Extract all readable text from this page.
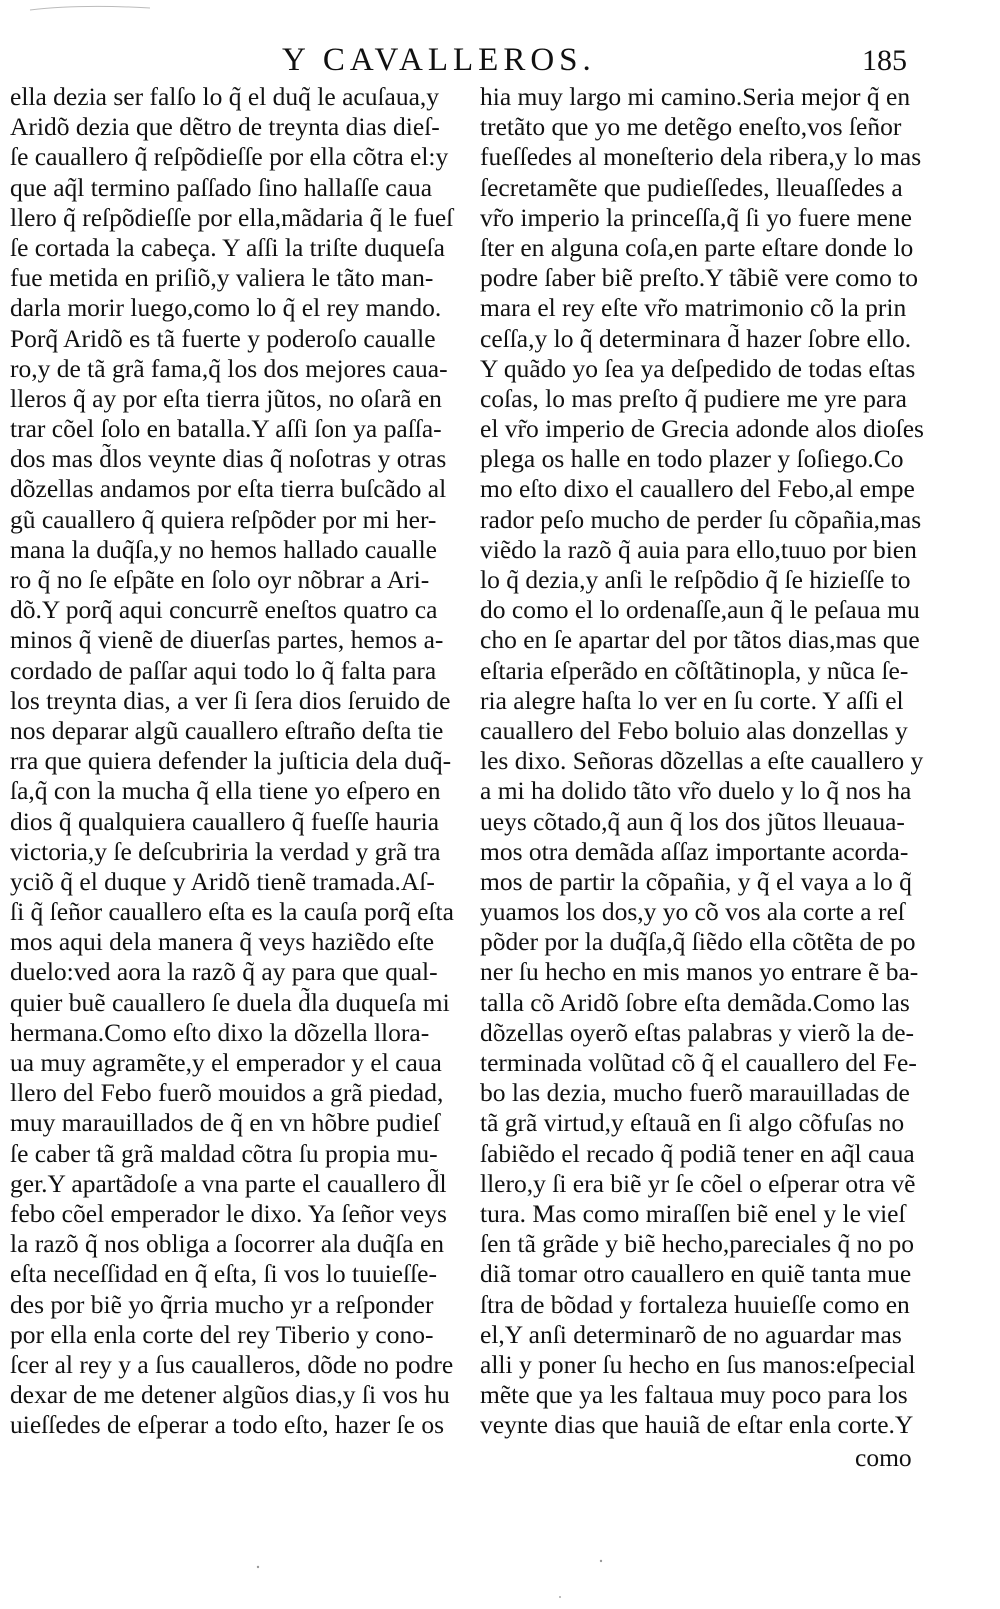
Y CAVALLEROS.	185
ella dezia ser falſo lo q̃ el duq̃ le acuſaua,y
Aridõ dezia que dẽtro de treynta dias dieſ-
ſe cauallero q̃ reſpõdieſſe por ella cõtra el:y
que aq̃l termino paſſado ſino hallaſſe caua
llero q̃ reſpõdieſſe por ella,mãdaria q̃ le fueſ
ſe cortada la cabeça. Y aſſi la triſte duqueſa
fue metida en priſiõ,y valiera le tãto man-
darla morir luego,como lo q̃ el rey mando.
Porq̃ Aridõ es tã fuerte y poderoſo caualle
ro,y de tã grã fama,q̃ los dos mejores caua-
lleros q̃ ay por eſta tierra jũtos, no oſarã en
trar cõel ſolo en batalla.Y aſſi ſon ya paſſa-
dos mas d̃los veynte dias q̃ noſotras y otras
dõzellas andamos por eſta tierra buſcãdo al
gũ cauallero q̃ quiera reſpõder por mi her-
mana la duq̃ſa,y no hemos hallado caualle
ro q̃ no ſe eſpãte en ſolo oyr nõbrar a Ari-
dõ.Y porq̃ aqui concurrẽ eneſtos quatro ca
minos q̃ vienẽ de diuerſas partes, hemos a-
cordado de paſſar aqui todo lo q̃ falta para
los treynta dias, a ver ſi ſera dios ſeruido de
nos deparar algũ cauallero eſtraño deſta tie
rra que quiera defender la juſticia dela duq̃-
ſa,q̃ con la mucha q̃ ella tiene yo eſpero en
dios q̃ qualquiera cauallero q̃ fueſſe hauria
victoria,y ſe deſcubriria la verdad y grã tra
yciõ q̃ el duque y Aridõ tienẽ tramada.Aſ-
ſi q̃ ſeñor cauallero eſta es la cauſa porq̃ eſta
mos aqui dela manera q̃ veys haziẽdo eſte
duelo:ved aora la razõ q̃ ay para que qual-
quier buẽ cauallero ſe duela d̃la duqueſa mi
hermana.Como eſto dixo la dõzella llora-
ua muy agramẽte,y el emperador y el caua
llero del Febo fuerõ mouidos a grã piedad,
muy marauillados de q̃ en vn hõbre pudieſ
ſe caber tã grã maldad cõtra ſu propia mu-
ger.Y apartãdoſe a vna parte el cauallero d̃l
febo cõel emperador le dixo. Ya ſeñor veys
la razõ q̃ nos obliga a ſocorrer ala duq̃ſa en
eſta neceſſidad en q̃ eſta, ſi vos lo tuuieſſe-
des por biẽ yo q̃rria mucho yr a reſponder
por ella enla corte del rey Tiberio y cono-
ſcer al rey y a ſus caualleros, dõde no podre
dexar de me detener algũos dias,y ſi vos hu
uieſſedes de eſperar a todo eſto, hazer ſe os
hia muy largo mi camino.Seria mejor q̃ en
tretãto que yo me detẽgo eneſto,vos ſeñor
fueſſedes al moneſterio dela ribera,y lo mas
ſecretamẽte que pudieſſedes, lleuaſſedes a
vr̃o imperio la princeſſa,q̃ ſi yo fuere mene
ſter en alguna coſa,en parte eſtare donde lo
podre ſaber biẽ preſto.Y tãbiẽ vere como to
mara el rey eſte vr̃o matrimonio cõ la prin
ceſſa,y lo q̃ determinara d̃ hazer ſobre ello.
Y quãdo yo ſea ya deſpedido de todas eſtas
coſas, lo mas preſto q̃ pudiere me yre para
el vr̃o imperio de Grecia adonde alos dioſes
plega os halle en todo plazer y ſoſiego.Co
mo eſto dixo el cauallero del Febo,al empe
rador peſo mucho de perder ſu cõpañia,mas
viẽdo la razõ q̃ auia para ello,tuuo por bien
lo q̃ dezia,y anſi le reſpõdio q̃ ſe hizieſſe to
do como el lo ordenaſſe,aun q̃ le peſaua mu
cho en ſe apartar del por tãtos dias,mas que
eſtaria eſperãdo en cõſtãtinopla, y nũca ſe-
ria alegre haſta lo ver en ſu corte. Y aſſi el
cauallero del Febo boluio alas donzellas y
les dixo. Señoras dõzellas a eſte cauallero y
a mi ha dolido tãto vr̃o duelo y lo q̃ nos ha
ueys cõtado,q̃ aun q̃ los dos jũtos lleuaua-
mos otra demãda aſſaz importante acorda-
mos de partir la cõpañia, y q̃ el vaya a lo q̃
yuamos los dos,y yo cõ vos ala corte a reſ
põder por la duq̃ſa,q̃ ſiẽdo ella cõtẽta de po
ner ſu hecho en mis manos yo entrare ẽ ba-
talla cõ Aridõ ſobre eſta demãda.Como las
dõzellas oyerõ eſtas palabras y vierõ la de-
terminada volũtad cõ q̃ el cauallero del Fe-
bo las dezia, mucho fuerõ marauilladas de
tã grã virtud,y eſtauã en ſi algo cõfuſas no
ſabiẽdo el recado q̃ podiã tener en aq̃l caua
llero,y ſi era biẽ yr ſe cõel o eſperar otra vẽ
tura. Mas como miraſſen biẽ enel y le vieſ
ſen tã grãde y biẽ hecho,pareciales q̃ no po
diã tomar otro cauallero en quiẽ tanta mue
ſtra de bõdad y fortaleza huuieſſe como en
el,Y anſi determinarõ de no aguardar mas
alli y poner ſu hecho en ſus manos:eſpecial
mẽte que ya les faltaua muy poco para los
veynte dias que hauiã de eſtar enla corte.Y
como
